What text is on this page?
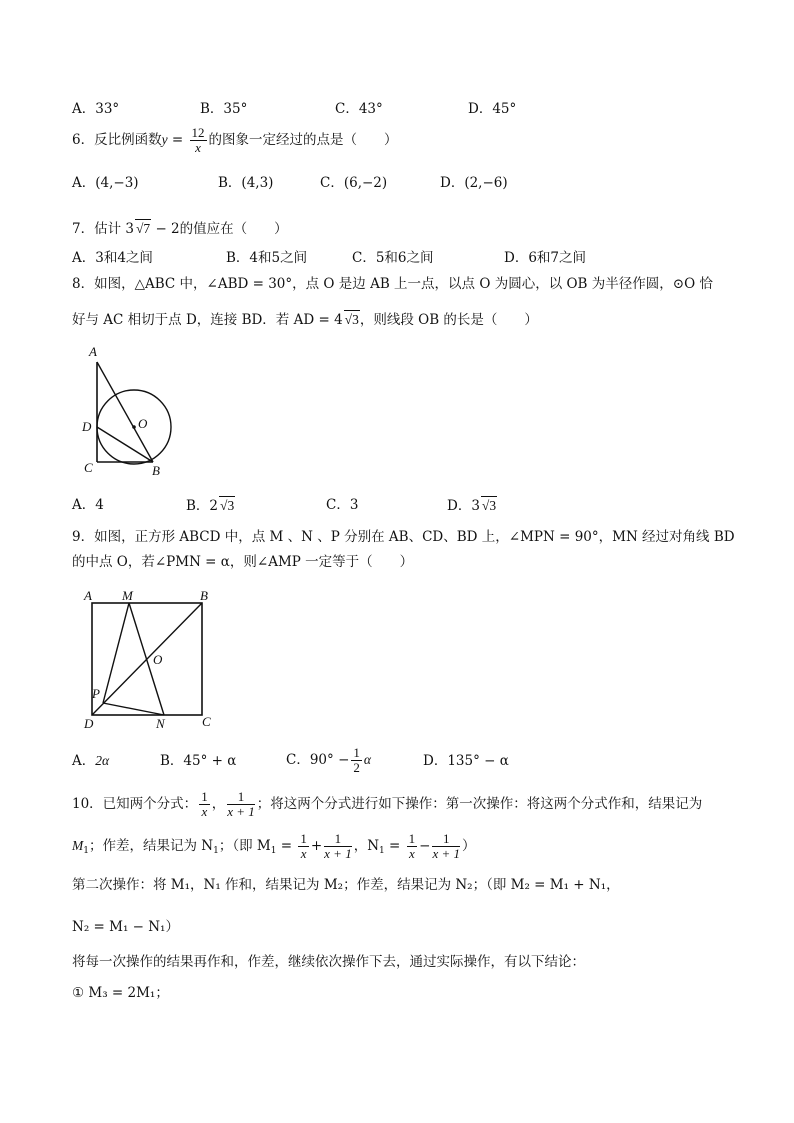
A．33°	B．35°	C．43°	D．45°
6．反比例函数$y = \frac{12}{x}$ 的图象一定经过的点是（　　）
A．(4,−3)	B．(4,3)	C．(6,−2)	D．(2,−6)
7．估计 3 √7 − 2的值应在（　　）
A．3和4之间	B．4和5之间	C．5和6之间	D．6和7之间
8．如图，△ABC 中，∠ABD = 30°，点 O 是边 AB 上一点，以点 O 为圆心，以 OB 为半径作圆，⊙O 恰
好与 AC 相切于点 D，连接 BD．若 AD = 4 √3，则线段 OB 的长是（　　）
A
D
C	B
O
A．4	B．2 √3	C．3	D．3 √3
9．如图，正方形 ABCD 中，点 M 、N 、P 分别在 AB、CD、BD 上，∠MPN = 90°，MN 经过对角线 BD
的中点 O，若∠PMN = α，则∠AMP 一定等于（　　）
A M	B
O
P
D	N	C
A．2α	B．45° + α	C．$90^\circ - \frac{1}{2}$ α	D．135° − α
10．已知两个分式： $\frac{1}{x}$ ， $\frac{1}{x + 1}$ ；将这两个分式进行如下操作：第一次操作：将这两个分式作和，结果记为
$M_1$；作差，结果记为 $N_1$；（即 $M_1 = \frac{1}{x} + \frac{1}{x + 1}$ ，$N_1 = \frac{1}{x} - \frac{1}{x + 1}$ ）
第二次操作：将 M₁，N₁ 作和，结果记为 M₂；作差，结果记为 N₂；（即 M₂ = M₁ + N₁，
N₂ = M₁ − N₁）
将每一次操作的结果再作和，作差，继续依次操作下去，通过实际操作，有以下结论：
① M₃ = 2M₁；
